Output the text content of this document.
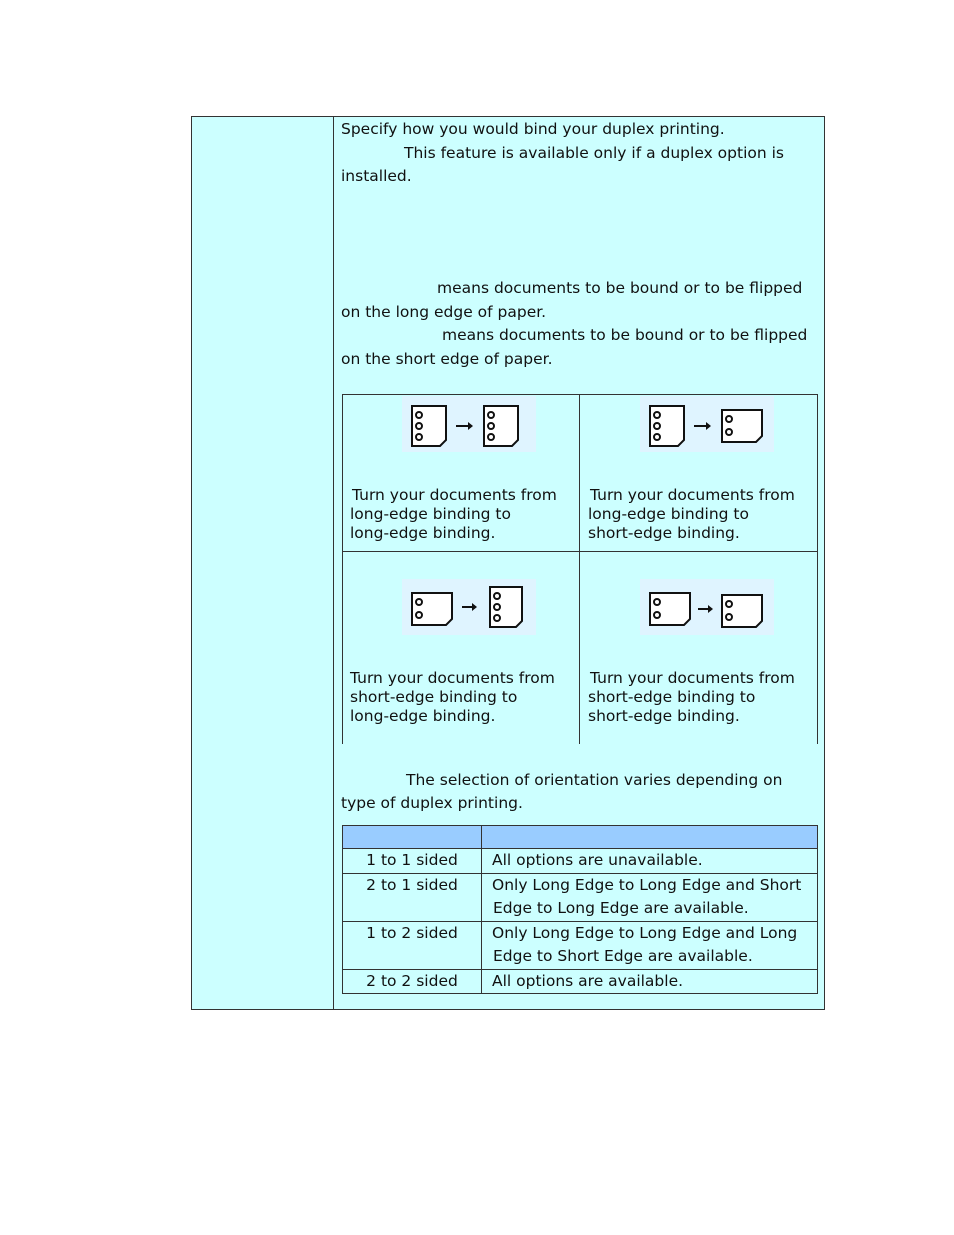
Specify how you would bind your duplex printing.
This feature is available only if a duplex option is
installed.
means documents to be bound or to be flipped
on the long edge of paper.
means documents to be bound or to be flipped
on the short edge of paper.
Turn your documents from
long-edge binding to
long-edge binding.
Turn your documents from
long-edge binding to
short-edge binding.
Turn your documents from
short-edge binding to
long-edge binding.
Turn your documents from
short-edge binding to
short-edge binding.
The selection of orientation varies depending on
type of duplex printing.

1 to 1 sided	All options are unavailable.

2 to 1 sided	Only Long Edge to Long Edge and Short
Edge to Long Edge are available.

1 to 2 sided	Only Long Edge to Long Edge and Long
Edge to Short Edge are available.

2 to 2 sided	All options are available.
